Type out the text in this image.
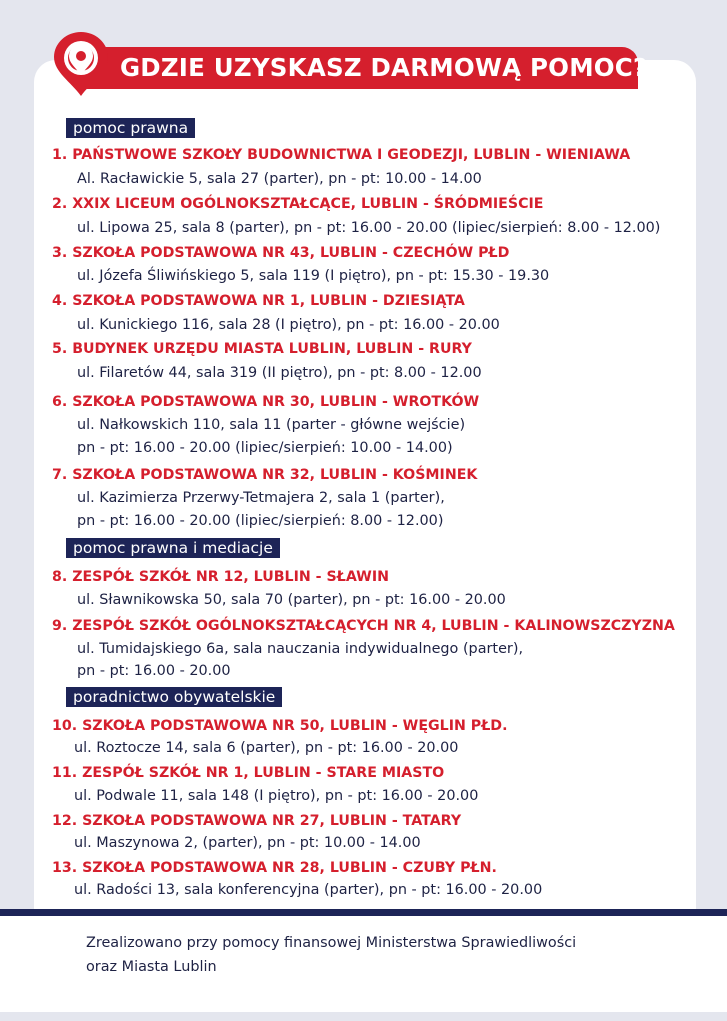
GDZIE UZYSKASZ DARMOWĄ POMOC?
pomoc prawna
1. PAŃSTWOWE SZKOŁY BUDOWNICTWA I GEODEZJI, LUBLIN - WIENIAWA
Al. Racławickie 5, sala 27 (parter), pn - pt: 10.00 - 14.00
2. XXIX LICEUM OGÓLNOKSZTAŁCĄCE, LUBLIN - ŚRÓDMIEŚCIE
ul. Lipowa 25, sala 8 (parter), pn - pt: 16.00 - 20.00 (lipiec/sierpień: 8.00 - 12.00)
3. SZKOŁA PODSTAWOWA NR 43, LUBLIN - CZECHÓW PŁD
ul. Józefa Śliwińskiego 5, sala 119 (I piętro), pn - pt: 15.30 - 19.30
4. SZKOŁA PODSTAWOWA NR 1, LUBLIN - DZIESIĄTA
ul. Kunickiego 116, sala 28 (I piętro), pn - pt: 16.00 - 20.00
5. BUDYNEK URZĘDU MIASTA LUBLIN, LUBLIN - RURY
ul. Filaretów 44, sala 319 (II piętro), pn - pt: 8.00 - 12.00
6. SZKOŁA PODSTAWOWA NR 30, LUBLIN - WROTKÓW
ul. Nałkowskich 110, sala 11 (parter - główne wejście)
pn - pt: 16.00 - 20.00 (lipiec/sierpień: 10.00 - 14.00)
7. SZKOŁA PODSTAWOWA NR 32, LUBLIN - KOŚMINEK
ul. Kazimierza Przerwy-Tetmajera 2, sala 1 (parter),
pn - pt: 16.00 - 20.00 (lipiec/sierpień: 8.00 - 12.00)
pomoc prawna i mediacje
8. ZESPÓŁ SZKÓŁ NR 12, LUBLIN - SŁAWIN
ul. Sławnikowska 50, sala 70 (parter), pn - pt: 16.00 - 20.00
9. ZESPÓŁ SZKÓŁ OGÓLNOKSZTAŁCĄCYCH NR 4, LUBLIN - KALINOWSZCZYZNA
ul. Tumidajskiego 6a, sala nauczania indywidualnego (parter),
pn - pt: 16.00 - 20.00
poradnictwo obywatelskie
10. SZKOŁA PODSTAWOWA NR 50, LUBLIN - WĘGLIN PŁD.
ul. Roztocze 14, sala 6 (parter), pn - pt: 16.00 - 20.00
11. ZESPÓŁ SZKÓŁ NR 1, LUBLIN - STARE MIASTO
ul. Podwale 11, sala 148 (I piętro), pn - pt: 16.00 - 20.00
12. SZKOŁA PODSTAWOWA NR 27, LUBLIN - TATARY
ul. Maszynowa 2, (parter), pn - pt: 10.00 - 14.00
13. SZKOŁA PODSTAWOWA NR 28, LUBLIN - CZUBY PŁN.
ul. Radości 13, sala konferencyjna (parter), pn - pt: 16.00 - 20.00
Zrealizowano przy pomocy finansowej Ministerstwa Sprawiedliwości
oraz Miasta Lublin
